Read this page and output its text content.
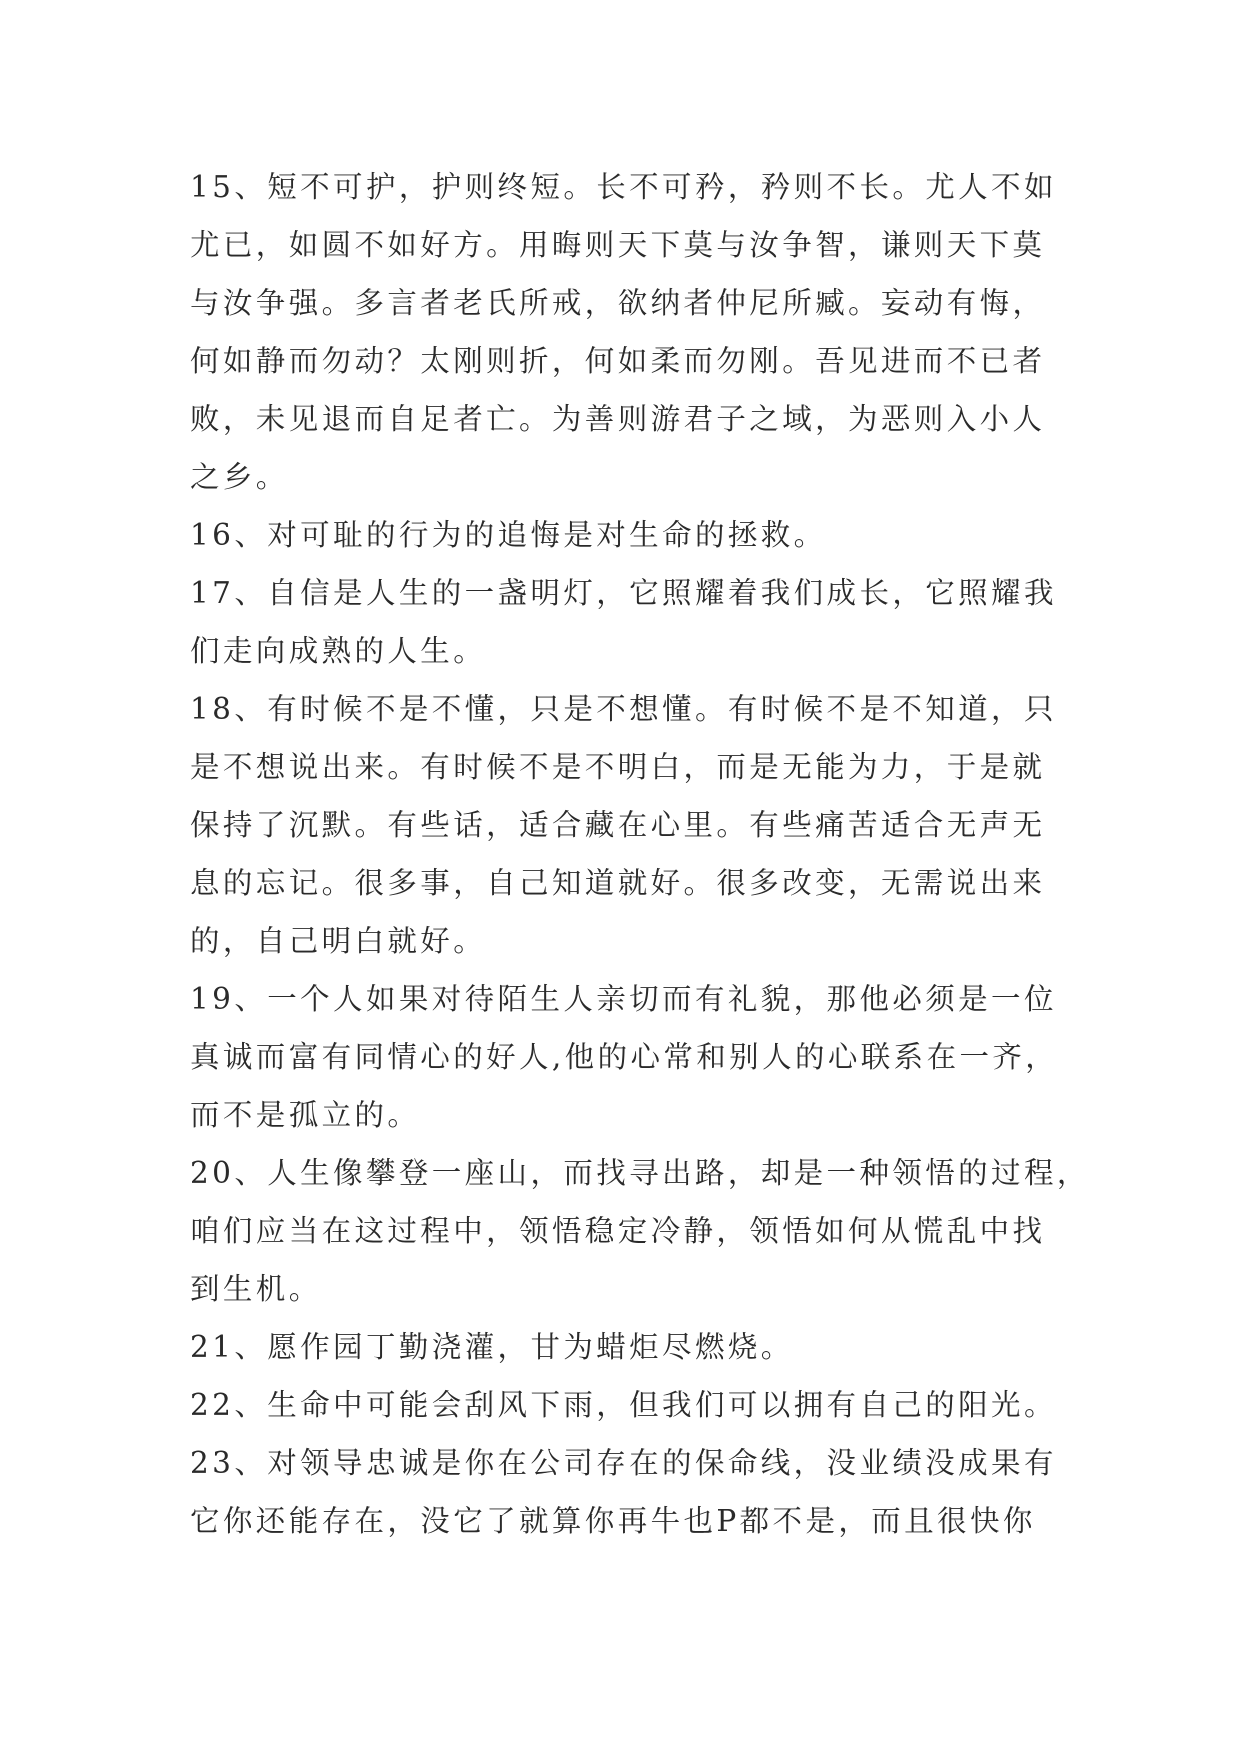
15、短不可护，护则终短。长不可矜，矜则不长。尤人不如
尤已，如圆不如好方。用晦则天下莫与汝争智，谦则天下莫
与汝争强。多言者老氏所戒，欲纳者仲尼所臧。妄动有悔，
何如静而勿动？太刚则折，何如柔而勿刚。吾见进而不已者
败，未见退而自足者亡。为善则游君子之域，为恶则入小人
之乡。
16、对可耻的行为的追悔是对生命的拯救。
17、自信是人生的一盏明灯，它照耀着我们成长，它照耀我
们走向成熟的人生。
18、有时候不是不懂，只是不想懂。有时候不是不知道，只
是不想说出来。有时候不是不明白，而是无能为力，于是就
保持了沉默。有些话，适合藏在心里。有些痛苦适合无声无
息的忘记。很多事，自己知道就好。很多改变，无需说出来
的，自己明白就好。
19、一个人如果对待陌生人亲切而有礼貌，那他必须是一位
真诚而富有同情心的好人,他的心常和别人的心联系在一齐，
而不是孤立的。
20、人生像攀登一座山，而找寻出路，却是一种领悟的过程，
咱们应当在这过程中，领悟稳定冷静，领悟如何从慌乱中找
到生机。
21、愿作园丁勤浇灌，甘为蜡炬尽燃烧。
22、生命中可能会刮风下雨，但我们可以拥有自己的阳光。
23、对领导忠诚是你在公司存在的保命线，没业绩没成果有
它你还能存在，没它了就算你再牛也P都不是，而且很快你
